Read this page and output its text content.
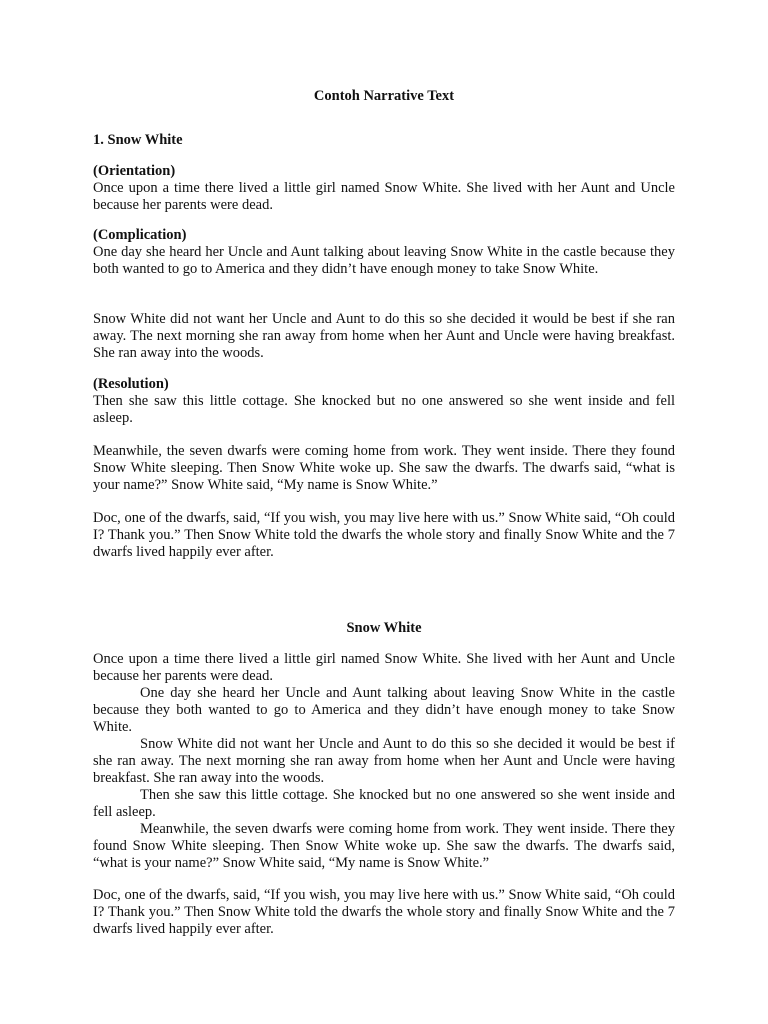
Contoh Narrative Text
1. Snow White
(Orientation)
Once upon a time there lived a little girl named Snow White. She lived with her Aunt and Uncle because her parents were dead.
(Complication)
One day she heard her Uncle and Aunt talking about leaving Snow White in the castle because they both wanted to go to America and they didn’t have enough money to take Snow White.
Snow White did not want her Uncle and Aunt to do this so she decided it would be best if she ran away. The next morning she ran away from home when her Aunt and Uncle were having breakfast. She ran away into the woods.
(Resolution)
Then she saw this little cottage. She knocked but no one answered so she went inside and fell asleep.
Meanwhile, the seven dwarfs were coming home from work. They went inside. There they found Snow White sleeping. Then Snow White woke up. She saw the dwarfs. The dwarfs said, “what is your name?” Snow White said, “My name is Snow White.”
Doc, one of the dwarfs, said, “If you wish, you may live here with us.” Snow White said, “Oh could I? Thank you.” Then Snow White told the dwarfs the whole story and finally Snow White and the 7 dwarfs lived happily ever after.
Snow White
Once upon a time there lived a little girl named Snow White. She lived with her Aunt and Uncle because her parents were dead.
One day she heard her Uncle and Aunt talking about leaving Snow White in the castle because they both wanted to go to America and they didn’t have enough money to take Snow White.
Snow White did not want her Uncle and Aunt to do this so she decided it would be best if she ran away. The next morning she ran away from home when her Aunt and Uncle were having breakfast. She ran away into the woods.
Then she saw this little cottage. She knocked but no one answered so she went inside and fell asleep.
Meanwhile, the seven dwarfs were coming home from work. They went inside. There they found Snow White sleeping. Then Snow White woke up. She saw the dwarfs. The dwarfs said, “what is your name?” Snow White said, “My name is Snow White.”
Doc, one of the dwarfs, said, “If you wish, you may live here with us.” Snow White said, “Oh could I? Thank you.” Then Snow White told the dwarfs the whole story and finally Snow White and the 7 dwarfs lived happily ever after.
